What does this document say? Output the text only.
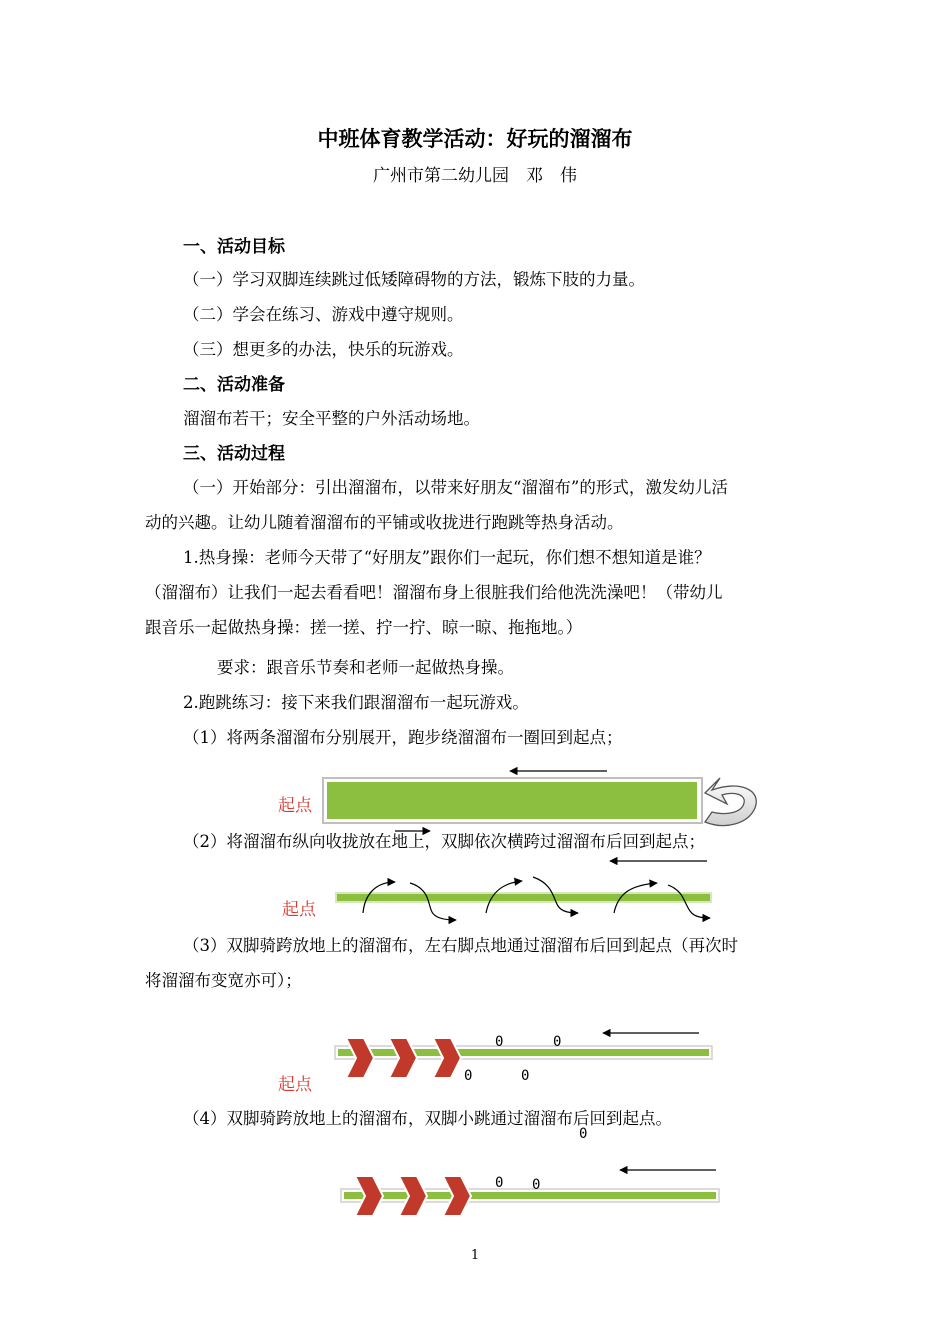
中班体育教学活动：好玩的溜溜布
广州市第二幼儿园　邓　伟
一、活动目标
（一）学习双脚连续跳过低矮障碍物的方法，锻炼下肢的力量。
（二）学会在练习、游戏中遵守规则。
（三）想更多的办法，快乐的玩游戏。
二、活动准备
溜溜布若干；安全平整的户外活动场地。
三、活动过程
（一）开始部分：引出溜溜布，以带来好朋友“溜溜布”的形式，激发幼儿活
动的兴趣。让幼儿随着溜溜布的平铺或收拢进行跑跳等热身活动。
1.热身操：老师今天带了“好朋友”跟你们一起玩，你们想不想知道是谁？
（溜溜布）让我们一起去看看吧！溜溜布身上很脏我们给他洗洗澡吧！（带幼儿
跟音乐一起做热身操：搓一搓、拧一拧、晾一晾、拖拖地。）
要求：跟音乐节奏和老师一起做热身操。
2.跑跳练习：接下来我们跟溜溜布一起玩游戏。
（1）将两条溜溜布分别展开，跑步绕溜溜布一圈回到起点；
起点
（2）将溜溜布纵向收拢放在地上，双脚依次横跨过溜溜布后回到起点；
起点
（3）双脚骑跨放地上的溜溜布，左右脚点地通过溜溜布后回到起点（再次时
将溜溜布变宽亦可）；
0	0
0	0
起点
（4）双脚骑跨放地上的溜溜布，双脚小跳通过溜溜布后回到起点。
0
0 0
1
